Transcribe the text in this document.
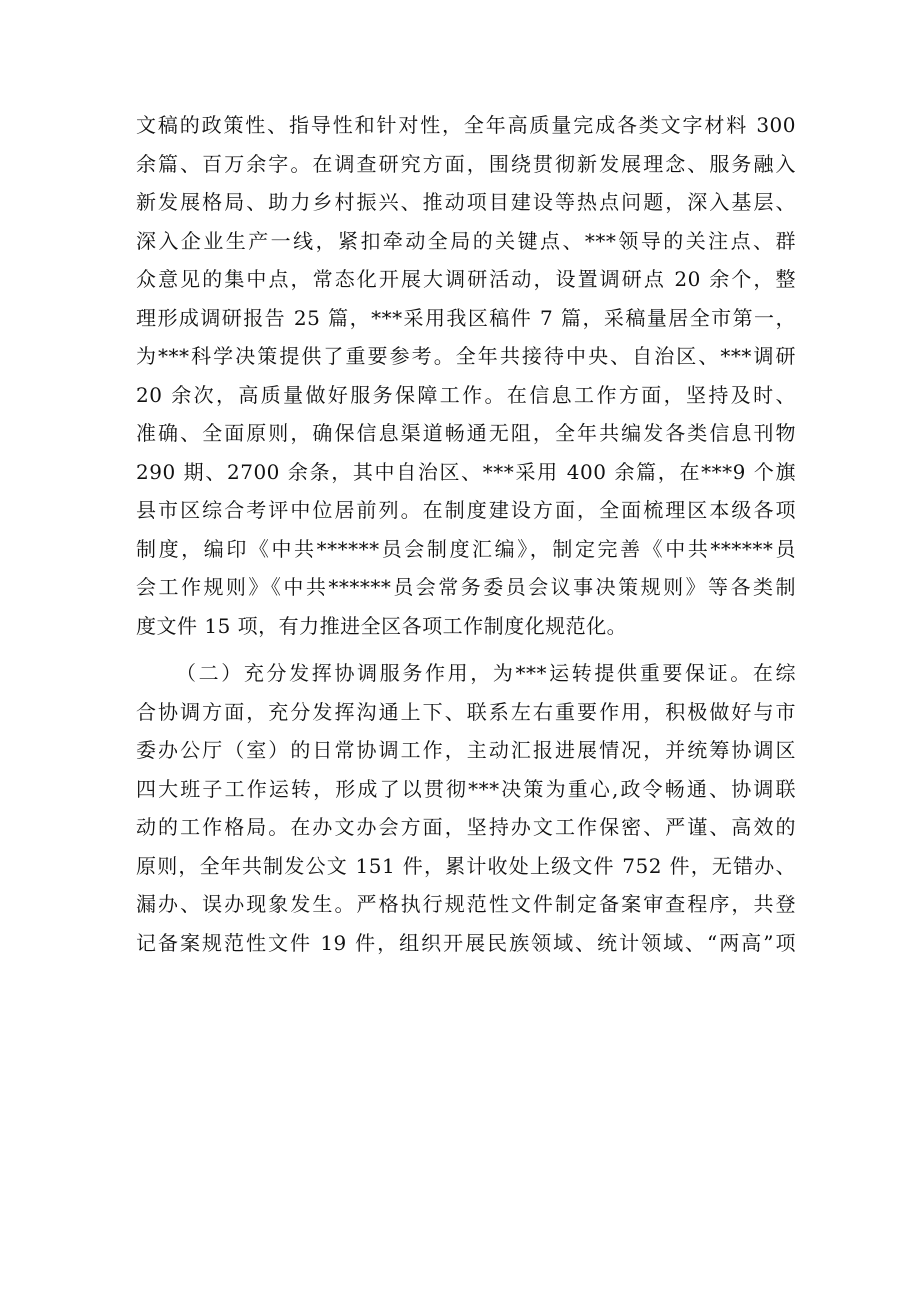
文稿的政策性、指导性和针对性，全年高质量完成各类文字材料 300
余篇、百万余字。在调查研究方面，围绕贯彻新发展理念、服务融入
新发展格局、助力乡村振兴、推动项目建设等热点问题，深入基层、
深入企业生产一线，紧扣牵动全局的关键点、***领导的关注点、群
众意见的集中点，常态化开展大调研活动，设置调研点 20 余个，整
理形成调研报告 25 篇，***采用我区稿件 7 篇，采稿量居全市第一，
为***科学决策提供了重要参考。全年共接待中央、自治区、***调研
20 余次，高质量做好服务保障工作。在信息工作方面，坚持及时、
准确、全面原则，确保信息渠道畅通无阻，全年共编发各类信息刊物
290 期、2700 余条，其中自治区、***采用 400 余篇，在***9 个旗
县市区综合考评中位居前列。在制度建设方面，全面梳理区本级各项
制度，编印《中共******员会制度汇编》，制定完善《中共******员
会工作规则》《中共******员会常务委员会议事决策规则》等各类制
度文件 15 项，有力推进全区各项工作制度化规范化。
（二）充分发挥协调服务作用，为***运转提供重要保证。在综
合协调方面，充分发挥沟通上下、联系左右重要作用，积极做好与市
委办公厅（室）的日常协调工作，主动汇报进展情况，并统筹协调区
四大班子工作运转，形成了以贯彻***决策为重心,政令畅通、协调联
动的工作格局。在办文办会方面，坚持办文工作保密、严谨、高效的
原则，全年共制发公文 151 件，累计收处上级文件 752 件，无错办、
漏办、误办现象发生。严格执行规范性文件制定备案审查程序，共登
记备案规范性文件 19 件，组织开展民族领域、统计领域、“两高”项
